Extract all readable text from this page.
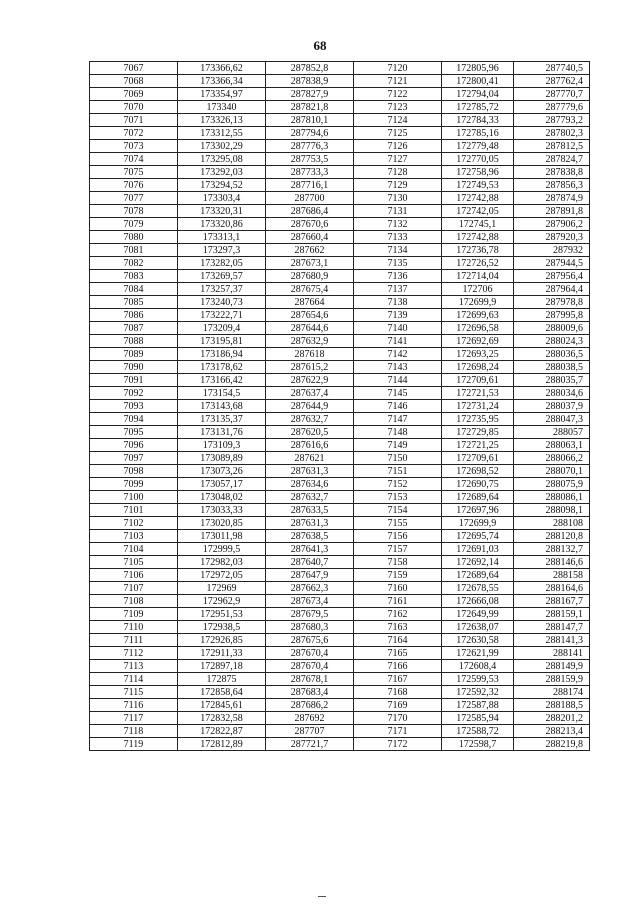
68
7067	173366,62	287852,8	7120	172805,96	287740,5
7068	173366,34	287838,9	7121	172800,41	287762,4
7069	173354,97	287827,9	7122	172794,04	287770,7
7070	173340	287821,8	7123	172785,72	287779,6
7071	173326,13	287810,1	7124	172784,33	287793,2
7072	173312,55	287794,6	7125	172785,16	287802,3
7073	173302,29	287776,3	7126	172779,48	287812,5
7074	173295,08	287753,5	7127	172770,05	287824,7
7075	173292,03	287733,3	7128	172758,96	287838,8
7076	173294,52	287716,1	7129	172749,53	287856,3
7077	173303,4	287700	7130	172742,88	287874,9
7078	173320,31	287686,4	7131	172742,05	287891,8
7079	173320,86	287670,6	7132	172745,1	287906,2
7080	173313,1	287660,4	7133	172742,88	287920,3
7081	173297,3	287662	7134	172736,78	287932
7082	173282,05	287673,1	7135	172726,52	287944,5
7083	173269,57	287680,9	7136	172714,04	287956,4
7084	173257,37	287675,4	7137	172706	287964,4
7085	173240,73	287664	7138	172699,9	287978,8
7086	173222,71	287654,6	7139	172699,63	287995,8
7087	173209,4	287644,6	7140	172696,58	288009,6
7088	173195,81	287632,9	7141	172692,69	288024,3
7089	173186,94	287618	7142	172693,25	288036,5
7090	173178,62	287615,2	7143	172698,24	288038,5
7091	173166,42	287622,9	7144	172709,61	288035,7
7092	173154,5	287637,4	7145	172721,53	288034,6
7093	173143,68	287644,9	7146	172731,24	288037,9
7094	173135,37	287632,7	7147	172735,95	288047,3
7095	173131,76	287620,5	7148	172729,85	288057
7096	173109,3	287616,6	7149	172721,25	288063,1
7097	173089,89	287621	7150	172709,61	288066,2
7098	173073,26	287631,3	7151	172698,52	288070,1
7099	173057,17	287634,6	7152	172690,75	288075,9
7100	173048,02	287632,7	7153	172689,64	288086,1
7101	173033,33	287633,5	7154	172697,96	288098,1
7102	173020,85	287631,3	7155	172699,9	288108
7103	173011,98	287638,5	7156	172695,74	288120,8
7104	172999,5	287641,3	7157	172691,03	288132,7
7105	172982,03	287640,7	7158	172692,14	288146,6
7106	172972,05	287647,9	7159	172689,64	288158
7107	172969	287662,3	7160	172678,55	288164,6
7108	172962,9	287673,4	7161	172666,08	288167,7
7109	172951,53	287679,5	7162	172649,99	288159,1
7110	172938,5	287680,3	7163	172638,07	288147,7
7111	172926,85	287675,6	7164	172630,58	288141,3
7112	172911,33	287670,4	7165	172621,99	288141
7113	172897,18	287670,4	7166	172608,4	288149,9
7114	172875	287678,1	7167	172599,53	288159,9
7115	172858,64	287683,4	7168	172592,32	288174
7116	172845,61	287686,2	7169	172587,88	288188,5
7117	172832,58	287692	7170	172585,94	288201,2
7118	172822,87	287707	7171	172588,72	288213,4
7119	172812,89	287721,7	7172	172598,7	288219,8
